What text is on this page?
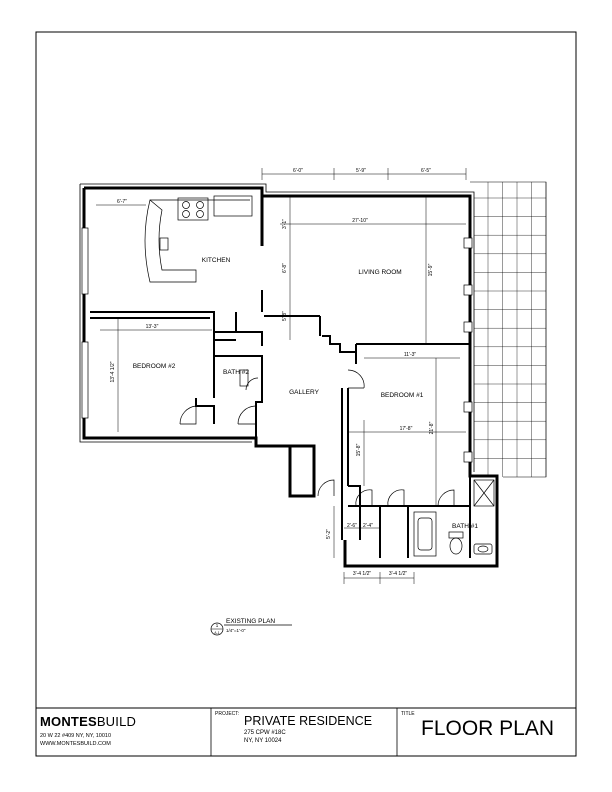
KITCHEN
LIVING ROOM
BEDROOM #2
BATH #2
GALLERY	BEDROOM #1
BATH #1
6'-0"	5'-9"	6'-5"
6'-7"
27'-10"
15'-9"
3'-1"
6'-8"
5'-8"
13'-3"
13'-4 1/2"
11'-3"
17'-8"
15'-8"
21'-8"
2'-6" 2'-4"
5'-2"
3'-4 1/2"	3'-4 1/2"
1
A-1
EXISTING PLAN
1/4"=1'-0"
MONTESBUILD
20 W 22 #409 NY, NY, 10010
WWW.MONTESBUILD.COM
PROJECT: PRIVATE RESIDENCE
275 CPW #18C
NY, NY 10024
TITLE
FLOOR PLAN
